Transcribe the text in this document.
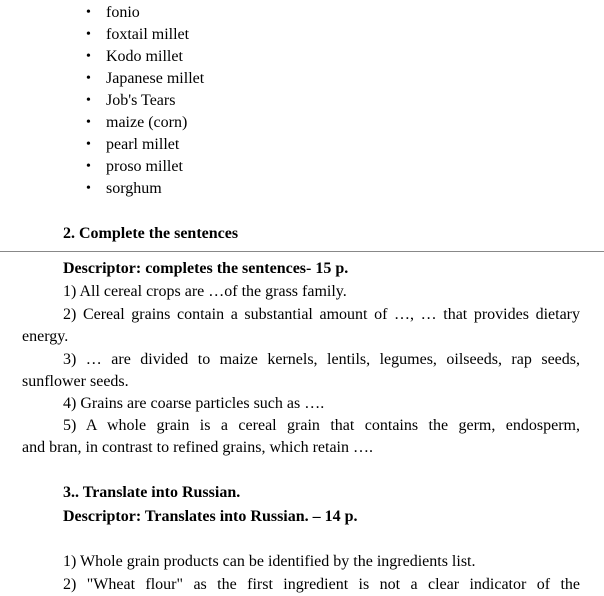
• fonio
• foxtail millet
• Kodo millet
• Japanese millet
• Job's Tears
• maize (corn)
• pearl millet
• proso millet
• sorghum
2. Complete the sentences
Descriptor: completes the sentences- 15 p.
1) All cereal crops are …of the grass family.
2) Cereal grains contain a substantial amount of …, … that provides dietary
energy.
3) … are divided to maize kernels, lentils, legumes, oilseeds, rap seeds,
sunflower seeds.
4) Grains are coarse particles such as ….
5) A whole grain is a cereal grain that contains the germ, endosperm,
and bran, in contrast to refined grains, which retain ….
3.. Translate into Russian.
Descriptor: Translates into Russian. – 14 p.
1) Whole grain products can be identified by the ingredients list.
2) "Wheat flour" as the first ingredient is not a clear indicator of the
